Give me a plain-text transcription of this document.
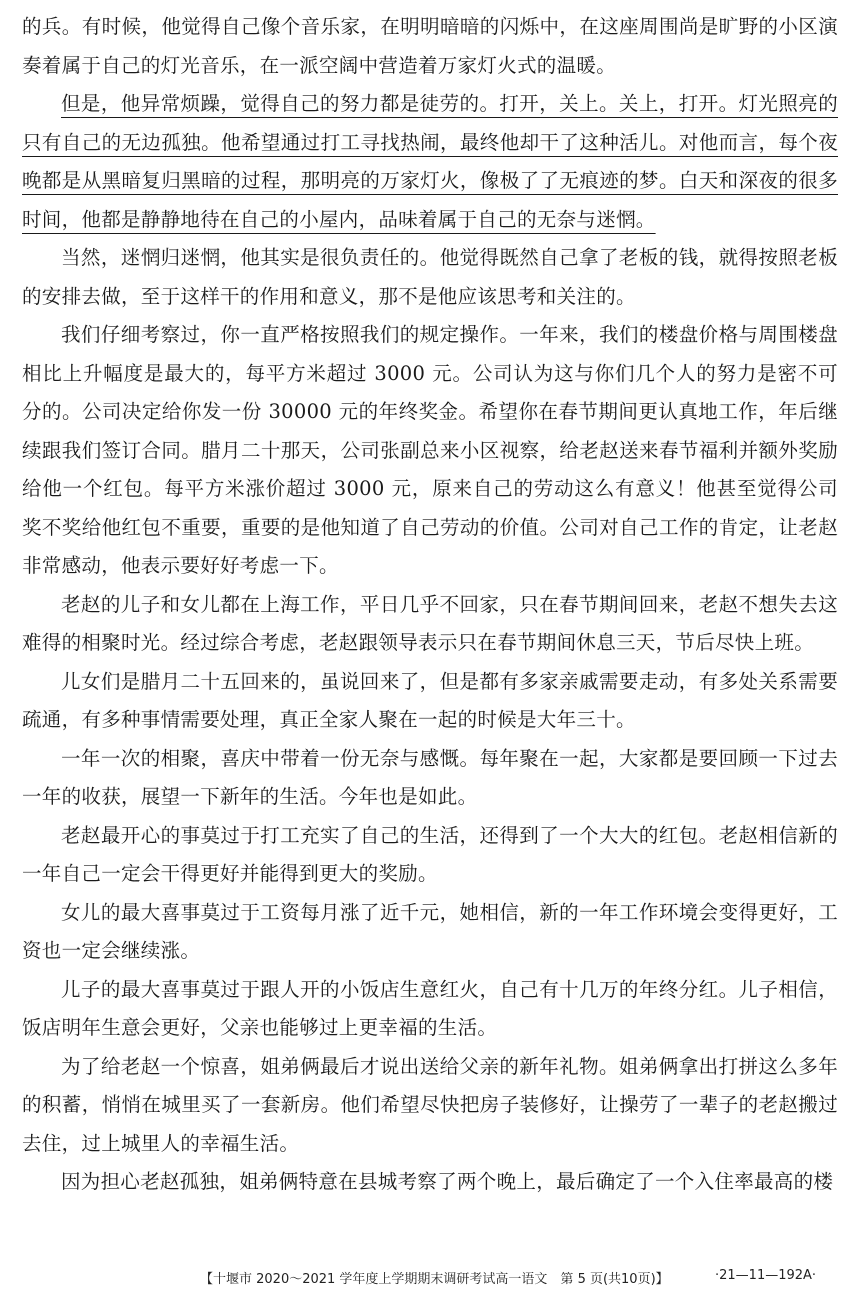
的兵。有时候，他觉得自己像个音乐家，在明明暗暗的闪烁中，在这座周围尚是旷野的小区演奏着属于自己的灯光音乐，在一派空阔中营造着万家灯火式的温暖。

但是，他异常烦躁，觉得自己的努力都是徒劳的。打开，关上。关上，打开。灯光照亮的只有自己的无边孤独。他希望通过打工寻找热闹，最终他却干了这种活儿。对他而言，每个夜晚都是从黑暗复归黑暗的过程，那明亮的万家灯火，像极了了无痕迹的梦。白天和深夜的很多时间，他都是静静地待在自己的小屋内，品味着属于自己的无奈与迷惘。

当然，迷惘归迷惘，他其实是很负责任的。他觉得既然自己拿了老板的钱，就得按照老板的安排去做，至于这样干的作用和意义，那不是他应该思考和关注的。

我们仔细考察过，你一直严格按照我们的规定操作。一年来，我们的楼盘价格与周围楼盘相比上升幅度是最大的，每平方米超过 3000 元。公司认为这与你们几个人的努力是密不可分的。公司决定给你发一份 30000 元的年终奖金。希望你在春节期间更认真地工作，年后继续跟我们签订合同。腊月二十那天，公司张副总来小区视察，给老赵送来春节福利并额外奖励给他一个红包。每平方米涨价超过 3000 元，原来自己的劳动这么有意义！他甚至觉得公司奖不奖给他红包不重要，重要的是他知道了自己劳动的价值。公司对自己工作的肯定，让老赵非常感动，他表示要好好考虑一下。

老赵的儿子和女儿都在上海工作，平日几乎不回家，只在春节期间回来，老赵不想失去这难得的相聚时光。经过综合考虑，老赵跟领导表示只在春节期间休息三天，节后尽快上班。

儿女们是腊月二十五回来的，虽说回来了，但是都有多家亲戚需要走动，有多处关系需要疏通，有多种事情需要处理，真正全家人聚在一起的时候是大年三十。

一年一次的相聚，喜庆中带着一份无奈与感慨。每年聚在一起，大家都是要回顾一下过去一年的收获，展望一下新年的生活。今年也是如此。

老赵最开心的事莫过于打工充实了自己的生活，还得到了一个大大的红包。老赵相信新的一年自己一定会干得更好并能得到更大的奖励。

女儿的最大喜事莫过于工资每月涨了近千元，她相信，新的一年工作环境会变得更好，工资也一定会继续涨。

儿子的最大喜事莫过于跟人开的小饭店生意红火，自己有十几万的年终分红。儿子相信，饭店明年生意会更好，父亲也能够过上更幸福的生活。

为了给老赵一个惊喜，姐弟俩最后才说出送给父亲的新年礼物。姐弟俩拿出打拼这么多年的积蓄，悄悄在城里买了一套新房。他们希望尽快把房子装修好，让操劳了一辈子的老赵搬过去住，过上城里人的幸福生活。

因为担心老赵孤独，姐弟俩特意在县城考察了两个晚上，最后确定了一个入住率最高的楼

【十堰市 2020～2021 学年度上学期期末调研考试高一语文　第 5 页(共10页)】	·21—11—192A·
